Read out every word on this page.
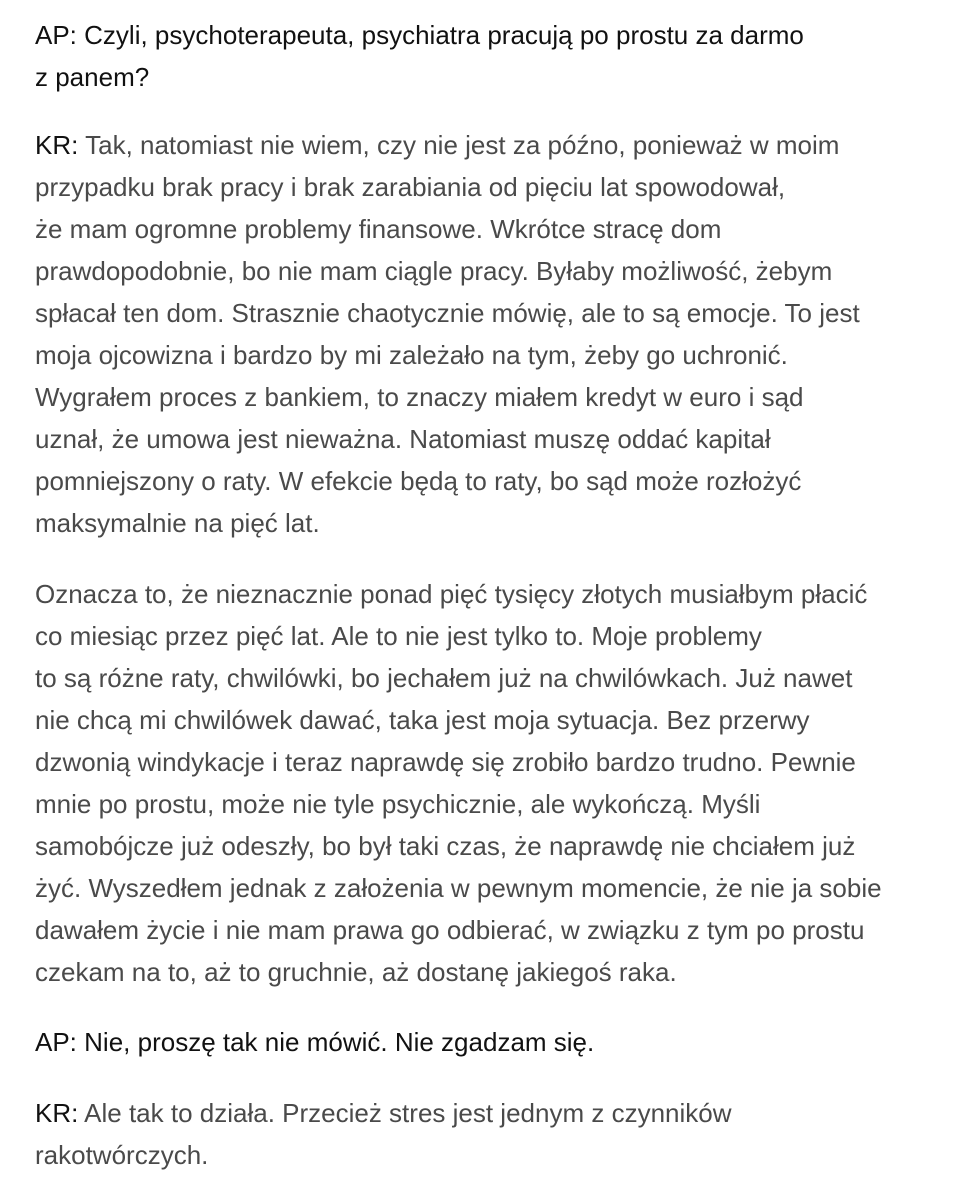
AP: Czyli, psychoterapeuta, psychiatra pracują po prostu za darmo
z panem?

KR: Tak, natomiast nie wiem, czy nie jest za późno, ponieważ w moim
przypadku brak pracy i brak zarabiania od pięciu lat spowodował,
że mam ogromne problemy finansowe. Wkrótce stracę dom
prawdopodobnie, bo nie mam ciągle pracy. Byłaby możliwość, żebym
spłacał ten dom. Strasznie chaotycznie mówię, ale to są emocje. To jest
moja ojcowizna i bardzo by mi zależało na tym, żeby go uchronić.
Wygrałem proces z bankiem, to znaczy miałem kredyt w euro i sąd
uznał, że umowa jest nieważna. Natomiast muszę oddać kapitał
pomniejszony o raty. W efekcie będą to raty, bo sąd może rozłożyć
maksymalnie na pięć lat.

Oznacza to, że nieznacznie ponad pięć tysięcy złotych musiałbym płacić
co miesiąc przez pięć lat. Ale to nie jest tylko to. Moje problemy
to są różne raty, chwilówki, bo jechałem już na chwilówkach. Już nawet
nie chcą mi chwilówek dawać, taka jest moja sytuacja. Bez przerwy
dzwonią windykacje i teraz naprawdę się zrobiło bardzo trudno. Pewnie
mnie po prostu, może nie tyle psychicznie, ale wykończą. Myśli
samobójcze już odeszły, bo był taki czas, że naprawdę nie chciałem już
żyć. Wyszedłem jednak z założenia w pewnym momencie, że nie ja sobie
dawałem życie i nie mam prawa go odbierać, w związku z tym po prostu
czekam na to, aż to gruchnie, aż dostanę jakiegoś raka.

AP: Nie, proszę tak nie mówić. Nie zgadzam się.

KR: Ale tak to działa. Przecież stres jest jednym z czynników
rakotwórczych.
